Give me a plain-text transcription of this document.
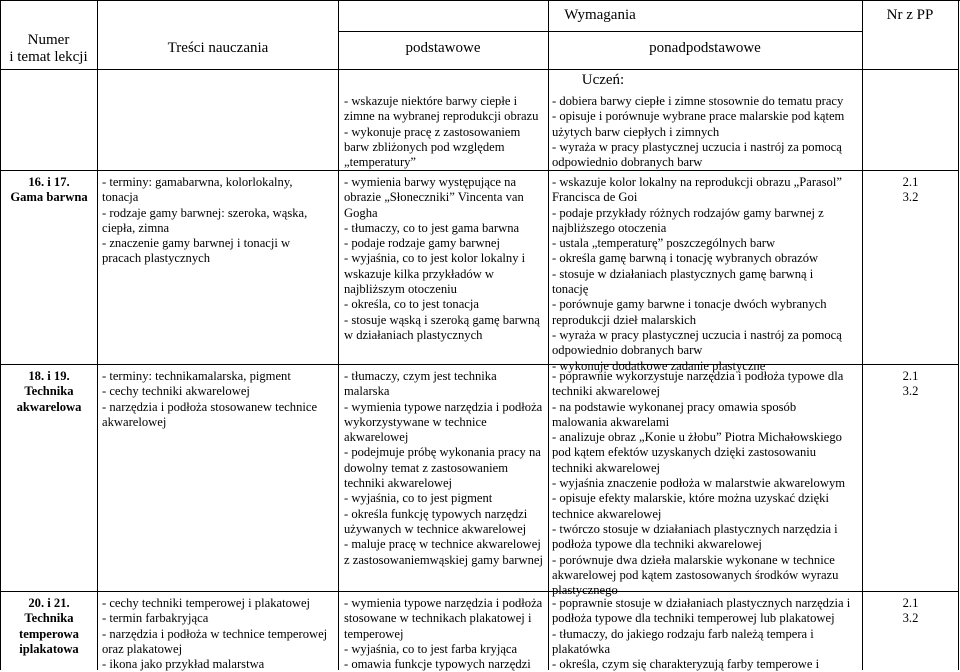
Numer
i temat lekcji
Treści nauczania
Wymagania
podstawowe	ponadpodstawowe
Nr z PP
Uczeń:
- wskazuje niektóre barwy ciepłe i
zimne na wybranej reprodukcji obrazu
- wykonuje pracę z zastosowaniem
barw zbliżonych pod względem
„temperatury”
- dobiera barwy ciepłe i zimne stosownie do tematu pracy
- opisuje i porównuje wybrane prace malarskie pod kątem
użytych barw ciepłych i zimnych
- wyraża w pracy plastycznej uczucia i nastrój za pomocą
odpowiednio dobranych barw
16. i 17.
Gama barwna
- terminy: gamabarwna, kolorlokalny,
tonacja
- rodzaje gamy barwnej: szeroka, wąska,
ciepła, zimna
- znaczenie gamy barwnej i tonacji w
pracach plastycznych
- wymienia barwy występujące na
obrazie „Słoneczniki” Vincenta van
Gogha
- tłumaczy, co to jest gama barwna
- podaje rodzaje gamy barwnej
- wyjaśnia, co to jest kolor lokalny i
wskazuje kilka przykładów w
najbliższym otoczeniu
- określa, co to jest tonacja
- stosuje wąską i szeroką gamę barwną
w działaniach plastycznych
- wskazuje kolor lokalny na reprodukcji obrazu „Parasol”
Francisca de Goi
- podaje przykłady różnych rodzajów gamy barwnej z
najbliższego otoczenia
- ustala „temperaturę” poszczególnych barw
- określa gamę barwną i tonację wybranych obrazów
- stosuje w działaniach plastycznych gamę barwną i
tonację
- porównuje gamy barwne i tonacje dwóch wybranych
reprodukcji dzieł malarskich
- wyraża w pracy plastycznej uczucia i nastrój za pomocą
odpowiednio dobranych barw
- wykonuje dodatkowe zadanie plastyczne
2.1
3.2
18. i 19.
Technika
akwarelowa
- terminy: technikamalarska, pigment
- cechy techniki akwarelowej
- narzędzia i podłoża stosowanew technice
akwarelowej
- tłumaczy, czym jest technika
malarska
- wymienia typowe narzędzia i podłoża
wykorzystywane w technice
akwarelowej
- podejmuje próbę wykonania pracy na
dowolny temat z zastosowaniem
techniki akwarelowej
- wyjaśnia, co to jest pigment
- określa funkcję typowych narzędzi
używanych w technice akwarelowej
- maluje pracę w technice akwarelowej
z zastosowaniemwąskiej gamy barwnej
- poprawnie wykorzystuje narzędzia i podłoża typowe dla
techniki akwarelowej
- na podstawie wykonanej pracy omawia sposób
malowania akwarelami
- analizuje obraz „Konie u żłobu” Piotra Michałowskiego
pod kątem efektów uzyskanych dzięki zastosowaniu
techniki akwarelowej
- wyjaśnia znaczenie podłoża w malarstwie akwarelowym
- opisuje efekty malarskie, które można uzyskać dzięki
technice akwarelowej
- twórczo stosuje w działaniach plastycznych narzędzia i
podłoża typowe dla techniki akwarelowej
- porównuje dwa dzieła malarskie wykonane w technice
akwarelowej pod kątem zastosowanych środków wyrazu
plastycznego
2.1
3.2
20. i 21.
Technika
temperowa
iplakatowa
- cechy techniki temperowej i plakatowej
- termin farbakryjąca
- narzędzia i podłoża w technice temperowej
oraz plakatowej
- ikona jako przykład malarstwa
- wymienia typowe narzędzia i podłoża
stosowane w technikach plakatowej i
temperowej
- wyjaśnia, co to jest farba kryjąca
- omawia funkcje typowych narzędzi
- poprawnie stosuje w działaniach plastycznych narzędzia i
podłoża typowe dla techniki temperowej lub plakatowej
- tłumaczy, do jakiego rodzaju farb należą tempera i
plakatówka
- określa, czym się charakteryzują farby temperowe i
2.1
3.2
